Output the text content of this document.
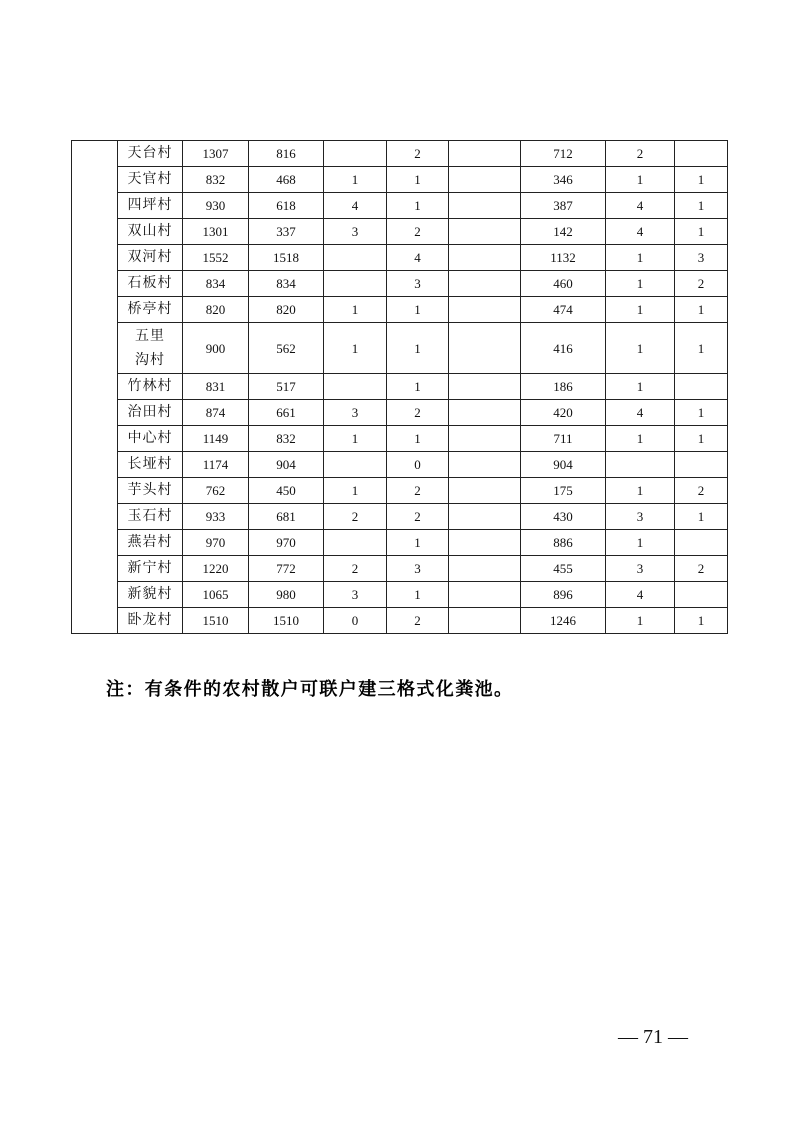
	天台村	1307	816		2		712	2	
	天官村	832	468	1	1		346	1	1
	四坪村	930	618	4	1		387	4	1
	双山村	1301	337	3	2		142	4	1
	双河村	1552	1518		4		1132	1	3
	石板村	834	834		3		460	1	2
	桥亭村	820	820	1	1		474	1	1
	五里沟村	900	562	1	1		416	1	1
	竹林村	831	517		1		186	1	
	治田村	874	661	3	2		420	4	1
	中心村	1149	832	1	1		711	1	1
	长垭村	1174	904		0		904		
	芋头村	762	450	1	2		175	1	2
	玉石村	933	681	2	2		430	3	1
	燕岩村	970	970		1		886	1	
	新宁村	1220	772	2	3		455	3	2
	新貌村	1065	980	3	1		896	4	
	卧龙村	1510	1510	0	2		1246	1	1
注：有条件的农村散户可联户建三格式化粪池。
— 71 —
